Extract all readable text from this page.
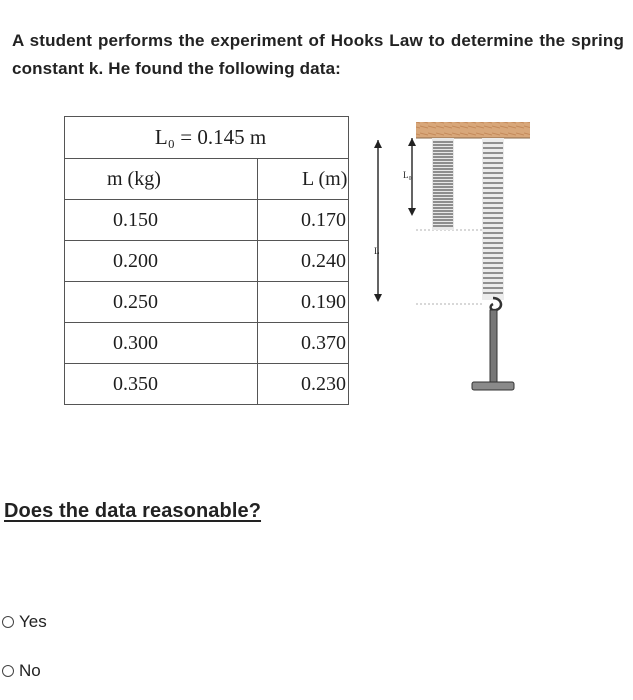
A student performs the experiment of Hooks Law to determine the spring constant k. He found the following data:
L₀ = 0.145 m	
m (kg)	L (m)
0.150	0.170
0.200	0.240
0.250	0.190
0.300	0.370
0.350	0.230
L₀
L
Does the data reasonable?
Yes
No
